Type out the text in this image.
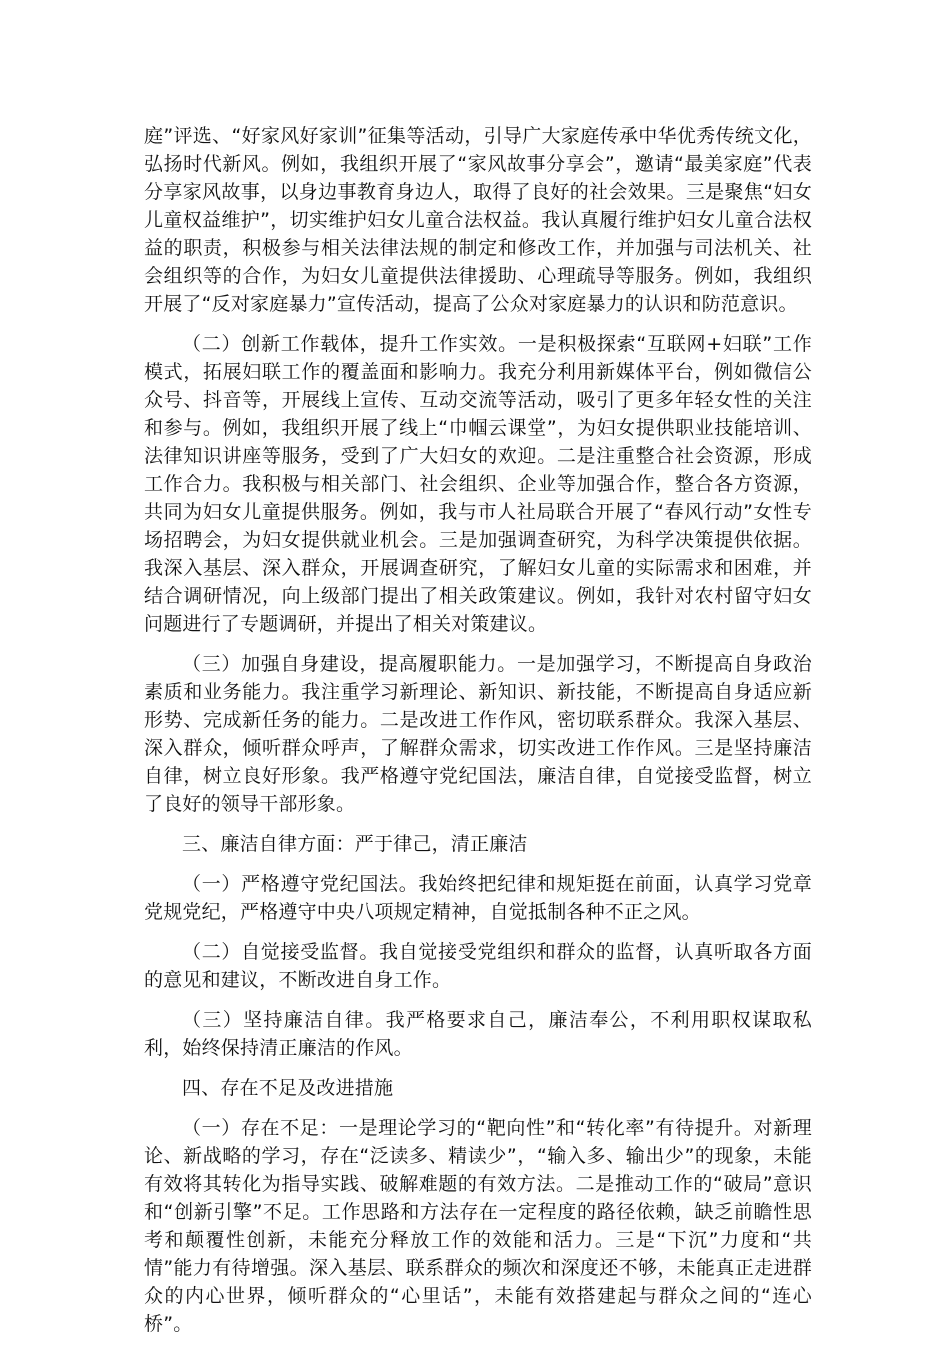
庭”评选、“好家风好家训”征集等活动，引导广大家庭传承中华优秀传统文化，弘扬时代新风。例如，我组织开展了“家风故事分享会”，邀请“最美家庭”代表分享家风故事，以身边事教育身边人，取得了良好的社会效果。三是聚焦“妇女儿童权益维护”，切实维护妇女儿童合法权益。我认真履行维护妇女儿童合法权益的职责，积极参与相关法律法规的制定和修改工作，并加强与司法机关、社会组织等的合作，为妇女儿童提供法律援助、心理疏导等服务。例如，我组织开展了“反对家庭暴力”宣传活动，提高了公众对家庭暴力的认识和防范意识。

（二）创新工作载体，提升工作实效。一是积极探索“互联网+妇联”工作模式，拓展妇联工作的覆盖面和影响力。我充分利用新媒体平台，例如微信公众号、抖音等，开展线上宣传、互动交流等活动，吸引了更多年轻女性的关注和参与。例如，我组织开展了线上“巾帼云课堂”，为妇女提供职业技能培训、法律知识讲座等服务，受到了广大妇女的欢迎。二是注重整合社会资源，形成工作合力。我积极与相关部门、社会组织、企业等加强合作，整合各方资源，共同为妇女儿童提供服务。例如，我与市人社局联合开展了“春风行动”女性专场招聘会，为妇女提供就业机会。三是加强调查研究，为科学决策提供依据。我深入基层、深入群众，开展调查研究，了解妇女儿童的实际需求和困难，并结合调研情况，向上级部门提出了相关政策建议。例如，我针对农村留守妇女问题进行了专题调研，并提出了相关对策建议。

（三）加强自身建设，提高履职能力。一是加强学习，不断提高自身政治素质和业务能力。我注重学习新理论、新知识、新技能，不断提高自身适应新形势、完成新任务的能力。二是改进工作作风，密切联系群众。我深入基层、深入群众，倾听群众呼声，了解群众需求，切实改进工作作风。三是坚持廉洁自律，树立良好形象。我严格遵守党纪国法，廉洁自律，自觉接受监督，树立了良好的领导干部形象。

三、廉洁自律方面：严于律己，清正廉洁

（一）严格遵守党纪国法。我始终把纪律和规矩挺在前面，认真学习党章党规党纪，严格遵守中央八项规定精神，自觉抵制各种不正之风。

（二）自觉接受监督。我自觉接受党组织和群众的监督，认真听取各方面的意见和建议，不断改进自身工作。

（三）坚持廉洁自律。我严格要求自己，廉洁奉公，不利用职权谋取私利，始终保持清正廉洁的作风。

四、存在不足及改进措施

（一）存在不足：一是理论学习的“靶向性”和“转化率”有待提升。对新理论、新战略的学习，存在“泛读多、精读少”，“输入多、输出少”的现象，未能有效将其转化为指导实践、破解难题的有效方法。二是推动工作的“破局”意识和“创新引擎”不足。工作思路和方法存在一定程度的路径依赖，缺乏前瞻性思考和颠覆性创新，未能充分释放工作的效能和活力。三是“下沉”力度和“共情”能力有待增强。深入基层、联系群众的频次和深度还不够，未能真正走进群众的内心世界，倾听群众的“心里话”，未能有效搭建起与群众之间的“连心桥”。
